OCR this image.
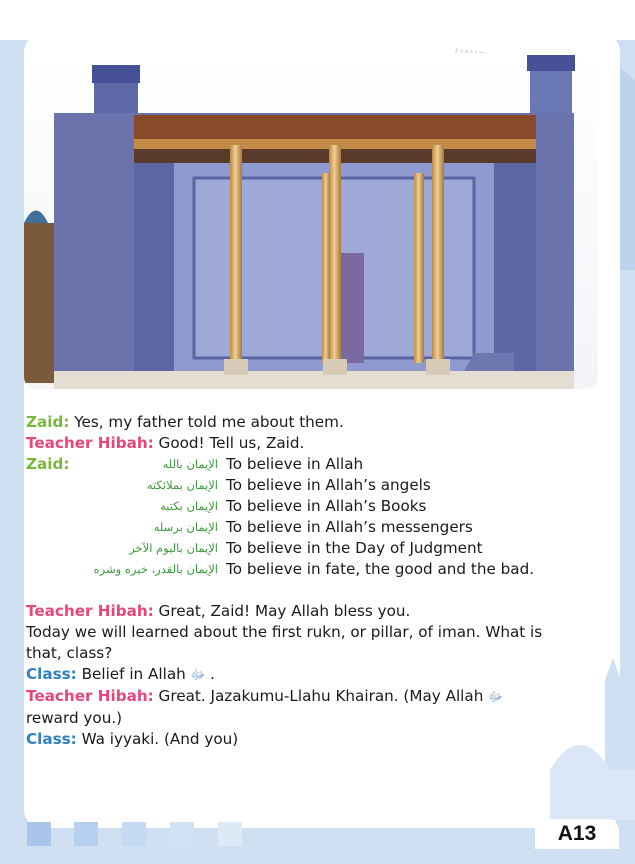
Zaid: Yes, my father told me about them.
Teacher Hibah: Good! Tell us, Zaid.
Zaid:	الإيمان بالله To believe in Allah
الإيمان بملائكته To believe in Allah’s angels
الإيمان بكتبه To believe in Allah’s Books
الإيمان برسله To believe in Allah’s messengers
الإيمان باليوم الآخر To believe in the Day of Judgment
الإيمان بالقدر، خيره وشره To believe in fate, the good and the bad.
Teacher Hibah: Great, Zaid! May Allah bless you.
Today we will learned about the first rukn, or pillar, of iman. What is
that, class?
Class: Belief in Allah ﷻ .
Teacher Hibah: Great. Jazakumu-Llahu Khairan. (May Allah ﷻ
reward you.)
Class: Wa iyyaki. (And you)
A13
